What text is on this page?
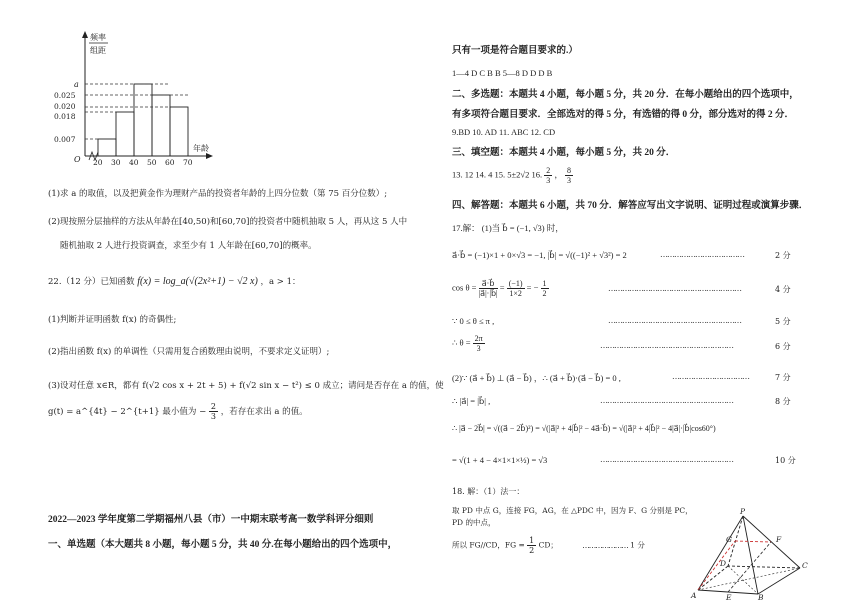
频率
组距
a
0.025
0.020
0.018
0.007
O 20 30 40 50 60 70
年龄
(1)求 a 的取值，以及把黄金作为理财产品的投资者年龄的上四分位数（第 75 百分位数）;
(2)现按照分层抽样的方法从年龄在[40,50)和[60,70]的投资者中随机抽取 5 人，再从这 5 人中
随机抽取 2 人进行投资调查，求至少有 1 人年龄在[60,70]的概率。
22.（12 分）已知函数 f(x) = log_a(√(2x²+1) − √2 x) ，a > 1：
(1)判断并证明函数 f(x) 的奇偶性;
(2)指出函数 f(x) 的单调性（只需用复合函数理由说明，不要求定义证明）;
(3)设对任意 x∈R，都有 f(√2 cos x + 2t + 5) + f(√2 sin x − t²) ≤ 0 成立；请问是否存在 a 的值，使
g(t) = a^{4t} − 2^{t+1} 最小值为 − $\frac{2}{3}$ ，若存在求出 a 的值。
2022—2023 学年度第二学期福州八县（市）一中期末联考高一数学科评分细则
一、单选题（本大题共 8 小题，每小题 5 分，共 40 分.在每小题给出的四个选项中，
只有一项是符合题目要求的.）
1—4 D C B B 5—8 D D D B
二、多选题：本题共 4 小题，每小题 5 分，共 20 分．在每小题给出的四个选项中，
有多项符合题目要求．全部选对的得 5 分，有选错的得 0 分，部分选对的得 2 分．
9.BD 10. AD 11. ABC 12. CD
三、填空题：本题共 4 小题，每小题 5 分，共 20 分．
13. 12 14. 4 15. 5±2√2 16. $\frac{2}{3}$ ， $\frac{8}{3}$
四、解答题：本题共 6 小题，共 70 分．解答应写出文字说明、证明过程或演算步骤．
17.解： (1)当 b⃗ = (−1, √3) 时，
a⃗·b⃗ = (−1)×1 + 0×√3 = −1, |b⃗| = √((−1)² + √3²) = 2	………………………………	2 分
$\cos \theta = \frac{a⃗\cdot b⃗}{|a⃗|\cdot|b⃗|} = \frac{(-1)}{1\times 2}$ = − $\frac{1}{2}$	…………………………………………………	4 分
∵ 0 ≤ θ ≤ π ,	…………………………………………………	5 分
∴ $\theta = \frac{2\pi}{3}$	…………………………………………………	6 分
(2)∵ (a⃗ + b⃗) ⊥ (a⃗ − b⃗) ，∴ (a⃗ + b⃗)·(a⃗ − b⃗) = 0 ,	……………………………	7 分
∴ |a⃗| = |b⃗| ,	…………………………………………………	8 分
∴ |a⃗ − 2b⃗| = √((a⃗ − 2b⃗)²) = √(|a⃗|² + 4|b⃗|² − 4a⃗·b⃗) = √(|a⃗|² + 4|b⃗|² − 4|a⃗|·|b⃗|cos60°)
= √(1 + 4 − 4×1×1×½) = √3	…………………………………………………	10 分
18. 解：（1）法一：
取 PD 中点 G，连接 FG，AG，在 △PDC 中，因为 F、G 分别是 PC，
PD 的中点，
所以 FG//CD，FG = $\frac{1}{2}$ CD；	………………… 1 分
P
G	F
D	C
A	E	B
